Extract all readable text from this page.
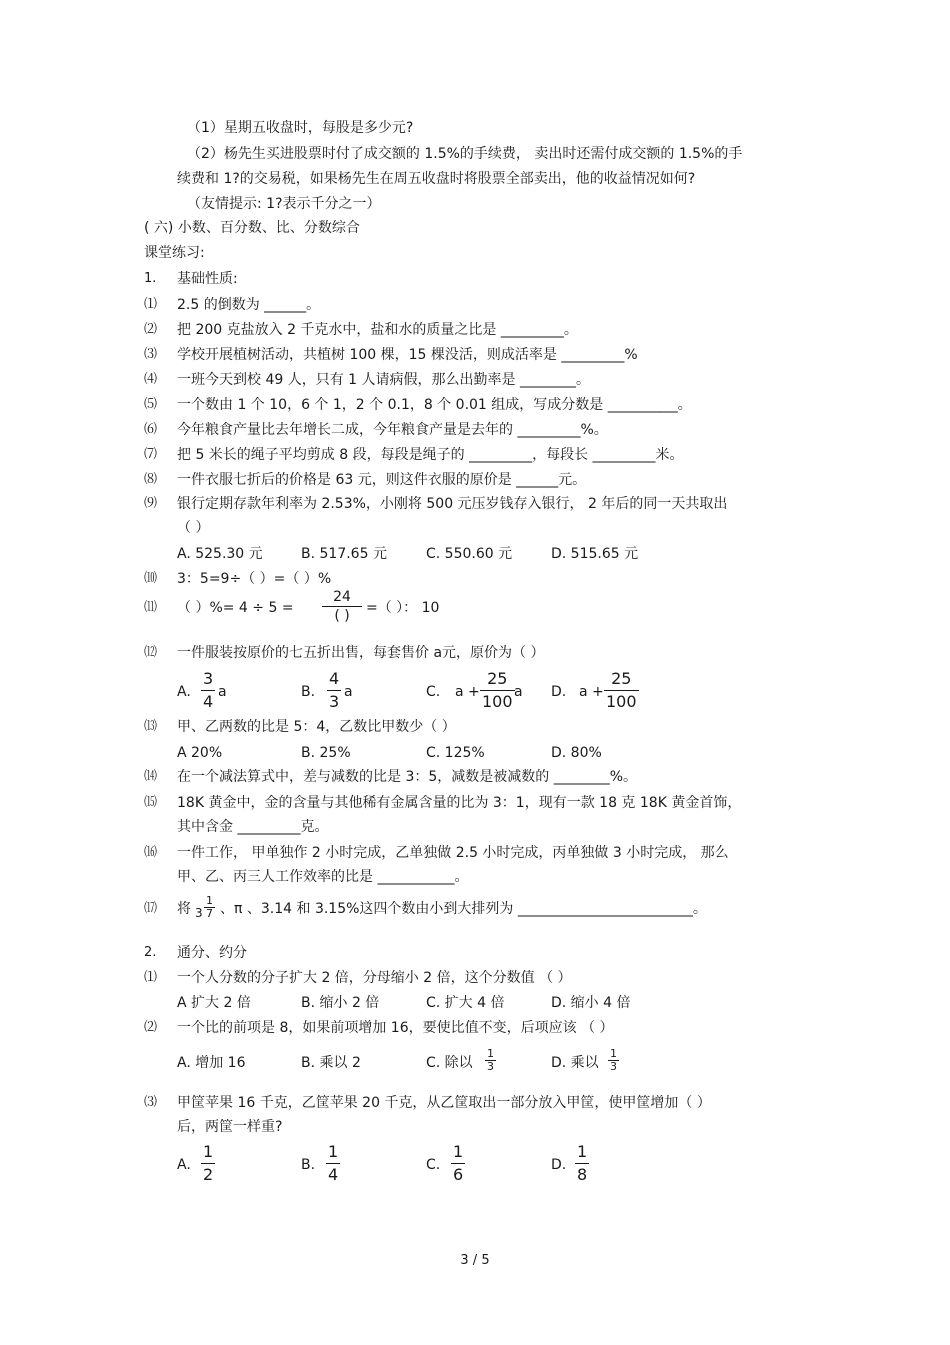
（1）星期五收盘时，每股是多少元?
（2）杨先生买进股票时付了成交额的 1.5%的手续费， 卖出时还需付成交额的 1.5%的手
续费和 1?的交易税，如果杨先生在周五收盘时将股票全部卖出，他的收益情况如何?
（友情提示: 1?表示千分之一）
( 六) 小数、百分数、比、分数综合
课堂练习:
1. 基础性质:
⑴ 2.5 的倒数为 ______。
⑵ 把 200 克盐放入 2 千克水中，盐和水的质量之比是 _________。
⑶ 学校开展植树活动，共植树 100 棵，15 棵没活，则成活率是 _________%
⑷ 一班今天到校 49 人，只有 1 人请病假，那么出勤率是 ________。
⑸ 一个数由 1 个 10，6 个 1，2 个 0.1，8 个 0.01 组成，写成分数是 __________。
⑹ 今年粮食产量比去年增长二成，今年粮食产量是去年的 _________%。
⑺ 把 5 米长的绳子平均剪成 8 段，每段是绳子的 _________，每段长 _________米。
⑻ 一件衣服七折后的价格是 63 元，则这件衣服的原价是 ______元。
⑼ 银行定期存款年利率为 2.53%，小刚将 500 元压岁钱存入银行， 2 年后的同一天共取出
（ ）
A. 525.30 元	B. 517.65 元	C. 550.60 元	D. 515.65 元
⑽ 3：5=9÷（ ）=（ ）%
⑾ （ ）%= 4 ÷ 5 =
24
( )	=（ ）： 10
⑿ 一件服装按原价的七五折出售，每套售价 a元，原价为（ ）
A. $\frac{3}{4}$ a	B. $\frac{4}{3}$ a	C. $a + \frac{25}{100}$ a D. $a + \frac{25}{100}$
⒀ 甲、乙两数的比是 5：4，乙数比甲数少（ ）
A 20%	B. 25%	C. 125%	D. 80%
⒁ 在一个减法算式中，差与减数的比是 3：5，减数是被减数的 ________%。
⒂ 18K 黄金中，金的含量与其他稀有金属含量的比为 3：1，现有一款 18 克 18K 黄金首饰，
其中含金 _________克。
⒃ 一件工作， 甲单独作 2 小时完成，乙单独做 2.5 小时完成，丙单独做 3 小时完成， 那么
甲、乙、丙三人工作效率的比是 ___________。
⒄ 将 $3 \frac{1}{7}$ 、π 、3.14 和 3.15%这四个数由小到大排列为 _________________________。
2. 通分、约分
⑴ 一个人分数的分子扩大 2 倍，分母缩小 2 倍，这个分数值 （ ）
A 扩大 2 倍	B. 缩小 2 倍	C. 扩大 4 倍	D. 缩小 4 倍
⑵ 一个比的前项是 8，如果前项增加 16，要使比值不变，后项应该 （ ）
A. 增加 16	B. 乘以 2	C. 除以 $\frac{1}{3}$	D. 乘以 $\frac{1}{3}$
⑶ 甲筐苹果 16 千克，乙筐苹果 20 千克，从乙筐取出一部分放入甲筐，使甲筐增加（ ）
后，两筐一样重?
A. $\frac{1}{2}$	B. $\frac{1}{4}$	C. $\frac{1}{6}$	D. $\frac{1}{8}$
3 / 5
